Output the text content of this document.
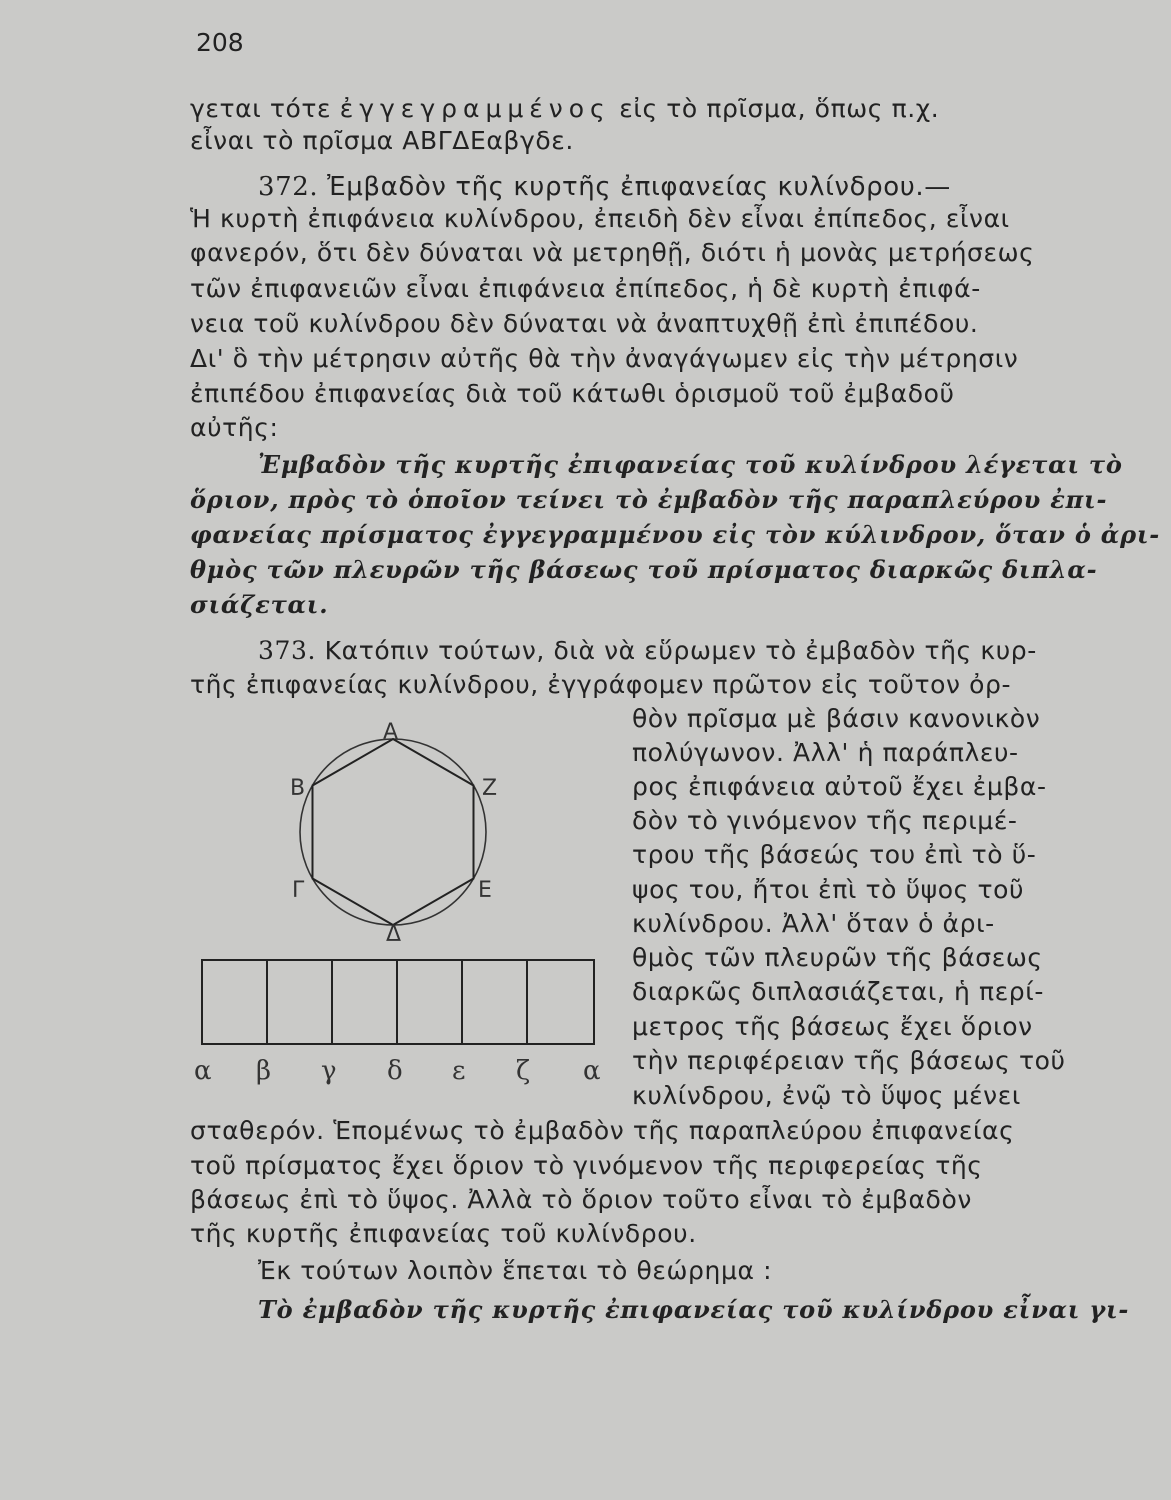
208
γεται τότε ἐγγεγραμμένος εἰς τὸ πρῖσμα, ὅπως π.χ.
εἶναι τὸ πρῖσμα ΑΒΓΔΕαβγδε.
372. Ἐμβαδὸν τῆς κυρτῆς ἐπιφανείας κυλίνδρου.—
Ἡ κυρτὴ ἐπιφάνεια κυλίνδρου, ἐπειδὴ δὲν εἶναι ἐπίπεδος, εἶναι
φανερόν, ὅτι δὲν δύναται νὰ μετρηθῇ, διότι ἡ μονὰς μετρήσεως
τῶν ἐπιφανειῶν εἶναι ἐπιφάνεια ἐπίπεδος, ἡ δὲ κυρτὴ ἐπιφά-
νεια τοῦ κυλίνδρου δὲν δύναται νὰ ἀναπτυχθῇ ἐπὶ ἐπιπέδου.
Δι' ὃ τὴν μέτρησιν αὐτῆς θὰ τὴν ἀναγάγωμεν εἰς τὴν μέτρησιν
ἐπιπέδου ἐπιφανείας διὰ τοῦ κάτωθι ὁρισμοῦ τοῦ ἐμβαδοῦ
αὐτῆς:
Ἐμβαδὸν τῆς κυρτῆς ἐπιφανείας τοῦ κυλίνδρου λέγεται τὸ
ὅριον, πρὸς τὸ ὁποῖον τείνει τὸ ἐμβαδὸν τῆς παραπλεύρου ἐπι-
φανείας πρίσματος ἐγγεγραμμένου εἰς τὸν κύλινδρον, ὅταν ὁ ἀρι-
θμὸς τῶν πλευρῶν τῆς βάσεως τοῦ πρίσματος διαρκῶς διπλα-
σιάζεται.
373. Κατόπιν τούτων, διὰ νὰ εὕρωμεν τὸ ἐμβαδὸν τῆς κυρ-
τῆς ἐπιφανείας κυλίνδρου, ἐγγράφομεν πρῶτον εἰς τοῦτον ὀρ-
θὸν πρῖσμα μὲ βάσιν κανονικὸν
πολύγωνον. Ἀλλ' ἡ παράπλευ-
ρος ἐπιφάνεια αὐτοῦ ἔχει ἐμβα-
δὸν τὸ γινόμενον τῆς περιμέ-
τρου τῆς βάσεώς του ἐπὶ τὸ ὕ-
ψος του, ἤτοι ἐπὶ τὸ ὕψος τοῦ
κυλίνδρου. Ἀλλ' ὅταν ὁ ἀρι-
θμὸς τῶν πλευρῶν τῆς βάσεως
διαρκῶς διπλασιάζεται, ἡ περί-
μετρος τῆς βάσεως ἔχει ὅριον
τὴν περιφέρειαν τῆς βάσεως τοῦ
κυλίνδρου, ἐνῷ τὸ ὕψος μένει
σταθερόν. Ἑπομένως τὸ ἐμβαδὸν τῆς παραπλεύρου ἐπιφανείας
τοῦ πρίσματος ἔχει ὅριον τὸ γινόμενον τῆς περιφερείας τῆς
βάσεως ἐπὶ τὸ ὕψος. Ἀλλὰ τὸ ὅριον τοῦτο εἶναι τὸ ἐμβαδὸν
τῆς κυρτῆς ἐπιφανείας τοῦ κυλίνδρου.
Ἐκ τούτων λοιπὸν ἕπεται τὸ θεώρημα :
Τὸ ἐμβαδὸν τῆς κυρτῆς ἐπιφανείας τοῦ κυλίνδρου εἶναι γι-
Α
Β
Γ
Δ
Ε
Ζ
α β γ δ ε ζ α
